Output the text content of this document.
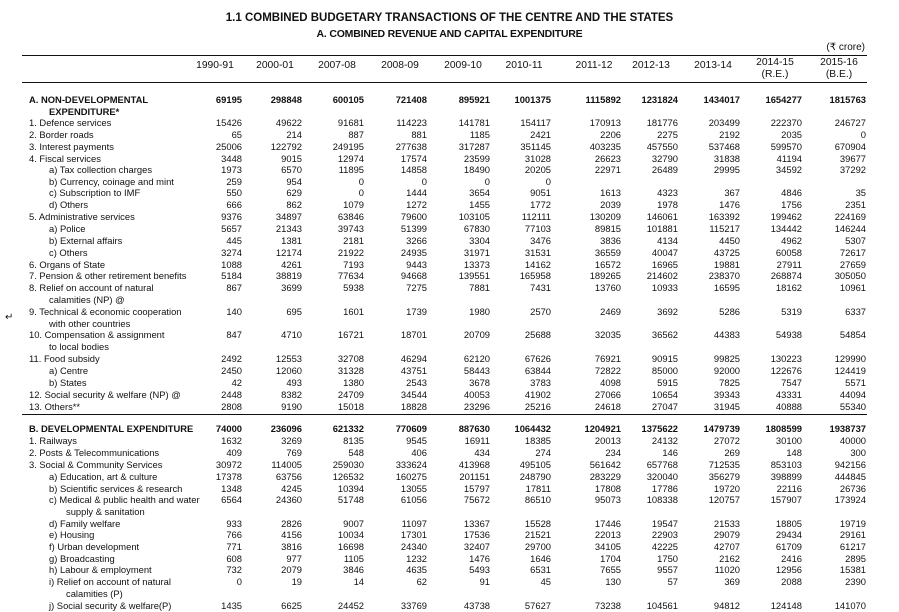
1.1 COMBINED BUDGETARY TRANSACTIONS OF THE CENTRE AND THE STATES
A. COMBINED REVENUE AND CAPITAL EXPENDITURE
(₹ crore)
↵
1990-91	2000-01	2007-08	2008-09	2009-10	2010-11	2011-12	2012-13	2013-14	2014-15
(R.E.)
2015-16
(B.E.)
A. NON-DEVELOPMENTAL
EXPENDITURE*
69195	298848	600105	721408	895921	1001375	1115892	1231824	1434017	1654277	1815763
1. Defence services	15426	49622	91681	114223	141781	154117	170913	181776	203499	222370	246727
2. Border roads	65	214	887	881	1185	2421	2206	2275	2192	2035	0
3. Interest payments	25006	122792	249195	277638	317287	351145	403235	457550	537468	599570	670904
4. Fiscal services	3448	9015	12974	17574	23599	31028	26623	32790	31838	41194	39677
a) Tax collection charges	1973	6570	11895	14858	18490	20205	22971	26489	29995	34592	37292
b) Currency, coinage and mint	259	954	0	0	0	0
c) Subscription to IMF	550	629	0	1444	3654	9051	1613	4323	367	4846	35
d) Others	666	862	1079	1272	1455	1772	2039	1978	1476	1756	2351
5. Administrative services	9376	34897	63846	79600	103105	112111	130209	146061	163392	199462	224169
a) Police	5657	21343	39743	51399	67830	77103	89815	101881	115217	134442	146244
b) External affairs	445	1381	2181	3266	3304	3476	3836	4134	4450	4962	5307
c) Others	3274	12174	21922	24935	31971	31531	36559	40047	43725	60058	72617
6. Organs of State	1088	4261	7193	9443	13373	14162	16572	16965	19881	27911	27659
7. Pension & other retirement benefits	5184	38819	77634	94668	139551	165958	189265	214602	238370	268874	305050
8. Relief on account of natural
calamities (NP) @
867	3699	5938	7275	7881	7431	13760	10933	16595	18162	10961
9. Technical & economic cooperation
with other countries
140	695	1601	1739	1980	2570	2469	3692	5286	5319	6337
10. Compensation & assignment
to local bodies
847	4710	16721	18701	20709	25688	32035	36562	44383	54938	54854
11. Food subsidy	2492	12553	32708	46294	62120	67626	76921	90915	99825	130223	129990
a) Centre	2450	12060	31328	43751	58443	63844	72822	85000	92000	122676	124419
b) States	42	493	1380	2543	3678	3783	4098	5915	7825	7547	5571
12. Social security & welfare (NP) @	2448	8382	24709	34544	40053	41902	27066	10654	39343	43331	44094
13. Others**	2808	9190	15018	18828	23296	25216	24618	27047	31945	40888	55340
B. DEVELOPMENTAL EXPENDITURE	74000	236096	621332	770609	887630	1064432	1204921	1375622	1479739	1808599	1938737
1. Railways	1632	3269	8135	9545	16911	18385	20013	24132	27072	30100	40000
2. Posts & Telecommunications	409	769	548	406	434	274	234	146	269	148	300
3. Social & Community Services	30972	114005	259030	333624	413968	495105	561642	657768	712535	853103	942156
a) Education, art & culture	17378	63756	126532	160275	201151	248790	283229	320040	356279	398899	444845
b) Scientific services & research	1348	4245	10394	13055	15797	17811	17808	17786	19720	22116	26736
c) Medical & public health and water
supply & sanitation
6564	24360	51748	61056	75672	86510	95073	108338	120757	157907	173924
d) Family welfare	933	2826	9007	11097	13367	15528	17446	19547	21533	18805	19719
e) Housing	766	4156	10034	17301	17536	21521	22013	22903	29079	29434	29161
f) Urban development	771	3816	16698	24340	32407	29700	34105	42225	42707	61709	61217
g) Broadcasting	608	977	1105	1232	1476	1646	1704	1750	2162	2416	2895
h) Labour & employment	732	2079	3846	4635	5493	6531	7655	9557	11020	12956	15381
i) Relief on account of natural
calamities (P)
0	19	14	62	91	45	130	57	369	2088	2390
j) Social security & welfare(P)	1435	6625	24452	33769	43738	57627	73238	104561	94812	124148	141070
